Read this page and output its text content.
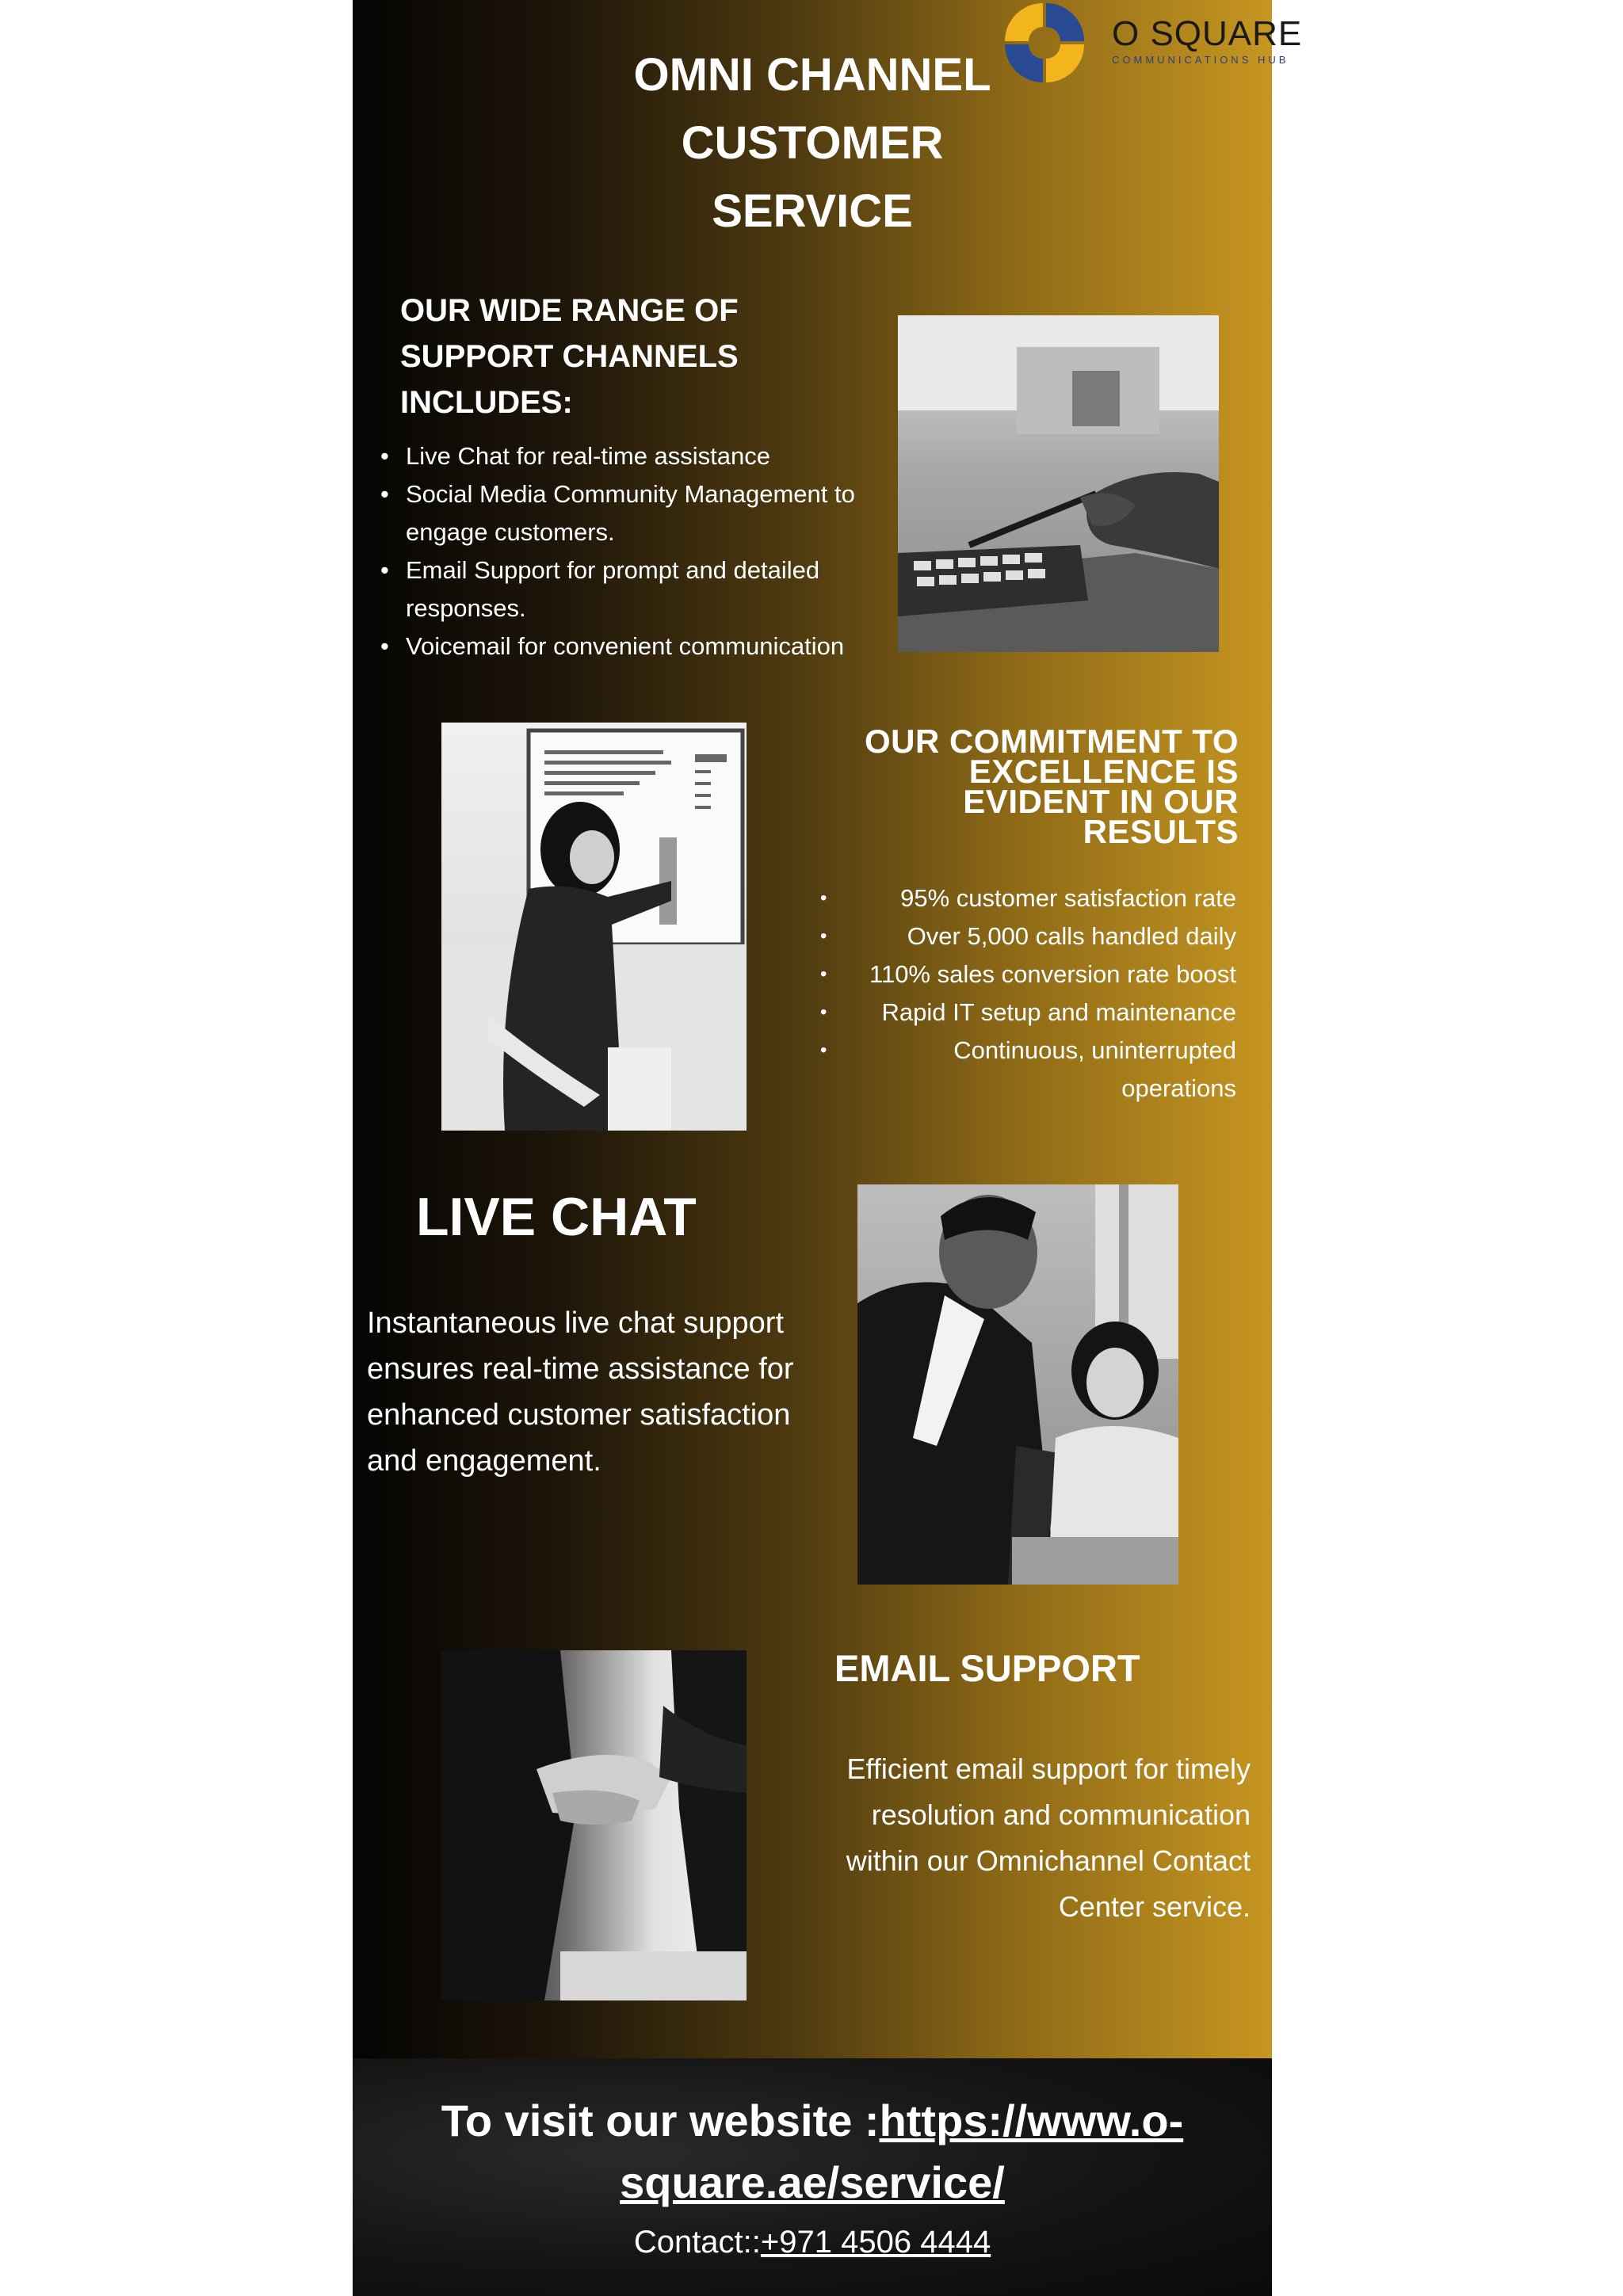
O SQUARE
COMMUNICATIONS HUB
OMNI CHANNEL
CUSTOMER
SERVICE
OUR WIDE RANGE OF
SUPPORT CHANNELS
INCLUDES:
• Live Chat for real-time assistance
• Social Media Community Management to engage customers.
• Email Support for prompt and detailed responses.
• Voicemail for convenient communication
OUR COMMITMENT TO
EXCELLENCE IS
EVIDENT IN OUR
RESULTS
• 95% customer satisfaction rate
• Over 5,000 calls handled daily
• 110% sales conversion rate boost
• Rapid IT setup and maintenance
• Continuous, uninterrupted operations
LIVE CHAT
Instantaneous live chat support ensures real-time assistance for enhanced customer satisfaction and engagement.
EMAIL SUPPORT
Efficient email support for timely resolution and communication within our Omnichannel Contact Center service.
To visit our website :https://www.o-square.ae/service/
Contact::+971 4506 4444
